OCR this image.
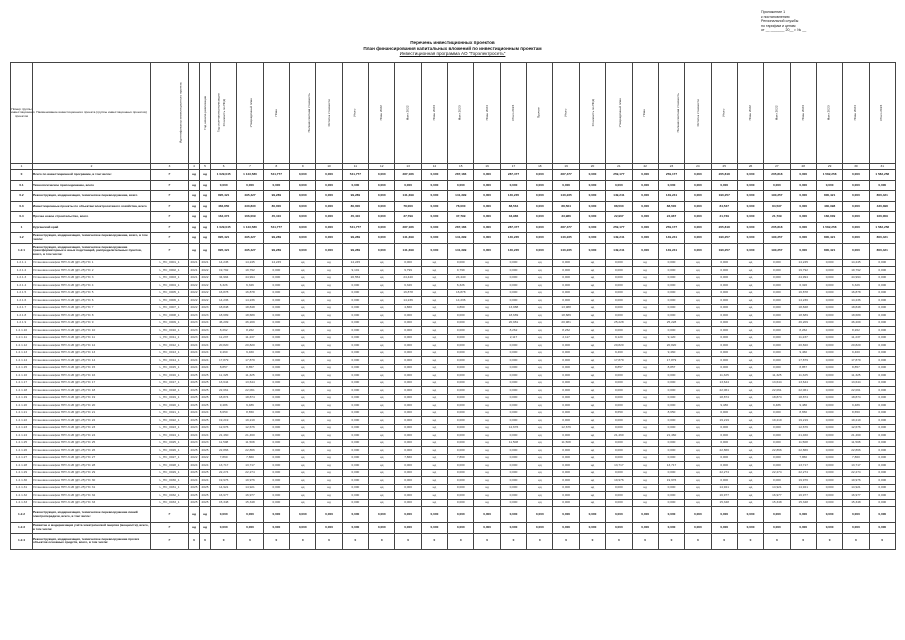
Приложение 1
к постановлению
Региональной службы
по тарифам и ценам
от __ _______ 20__ г. № __
Перечень инвестиционных проектов
План финансирования капитальных вложений по инвестиционным проектам
Инвестиционная программа АО "Горэлектросеть"
Номер группы инвестиционных проектов	Наименование инвестиционного проекта (группы инвестиционных проектов)	Идентификатор инвестиционного проекта	Год начала реализации	Год окончания реализации	Стоимость по ПСД	Утверждённый план	План	Полная сметная стоимость	Остаток стоимости	Итого	План 2022	Факт 2022	План 2023	Факт 2023	План 2024	Итого 2024	Прочие	Итого	Стоимость по ПСД	Утверждённый план	План	Полная сметная стоимость	Остаток стоимости	Итого	План 2022	Факт 2022	План 2023	Факт 2023	План 2024	Итого 2024
1	2	3	4	5	6	7	8	9	10	11	12	13	14	15	16	17	18	19	20	21	22	23	24	25	26	27	28	29	30	31
0	Всего по инвестиционной программе, в том числе:	Г	нд	нд	1 029,045	1 143,580	541,777	0,000	0,000	541,777	0,000	287,186	0,000	287,186	0,000	287,477	0,000	287,477	0,000	259,177	0,000	259,177	0,000	205,818	0,000	205,818	0,000	1 582,258	0,000	1 582,258
0.1	Технологическое присоединение, всего	Г	нд	нд	0,000	0,000	0,000	0,000	0,000	0,000	0,000	0,000	0,000	0,000	0,000	0,000	0,000	0,000	0,000	0,000	0,000	0,000	0,000	0,000	0,000	0,000	0,000	0,000	0,000	0,000
0.2	Реконструкция, модернизация, техническое перевооружение, всего	Г	нд	нд	895,421	495,427	99,289	0,000	0,000	99,289	0,000	141,399	0,000	141,399	0,000	140,235	0,000	140,235	0,000	149,241	0,000	149,241	0,000	190,257	0,000	190,257	0,000	800,421	0,000	800,421
0.3	Инвестиционные проекты по объектам электросетевого хозяйства, всего	Г	нд	нд	466,850	430,830	80,000	0,000	0,000	80,000	0,000	78,000	0,000	78,000	0,000	88,564	0,000	88,564	0,000	88,500	0,000	88,500	0,000	84,537	0,000	84,537	0,000	430,398	0,000	430,398
0.4	Прочее новое строительство, всего	Г	нд	нд	162,374	166,009	45,410	0,000	0,000	45,410	0,000	37,799	0,000	37,799	0,000	33,986	0,000	33,986	0,000	22,967	0,000	22,967	0,000	21,739	0,000	21,739	0,000	166,009	0,000	166,009
1	Курганский край	Г	нд	нд	1 029,045	1 143,580	541,777	0,000	0,000	541,777	0,000	287,186	0,000	287,186	0,000	287,477	0,000	287,477	0,000	259,177	0,000	259,177	0,000	205,818	0,000	205,818	0,000	1 582,258	0,000	1 582,258
1.2	Реконструкция, модернизация, техническое перевооружение, всего, в том числе:	Г	нд	нд	895,421	495,427	99,289	0,000	0,000	99,289	0,000	141,399	0,000	141,399	0,000	140,235	0,000	140,235	0,000	149,241	0,000	149,241	0,000	190,257	0,000	190,257	0,000	800,421	0,000	800,421
1.2.1	Реконструкция, модернизация, техническое перевооружение трансформаторных и иных подстанций, распределительных пунктов, всего, в том числе:	Г	нд	нд	895,421	495,427	99,289	0,000	0,000	99,289	0,000	141,399	0,000	141,399	0,000	140,235	0,000	140,235	0,000	149,241	0,000	149,241	0,000	190,257	0,000	190,257	0,000	800,421	0,000	800,421
1.2.1.1	Установка шкафов ПРУ-6 кВ (ДУ-25) ПС 1	L_ПС_0001_1	2021	2021	14,245	14,245	14,245	нд	нд	14,245	нд	0,000	нд	0,000	нд	0,000	нд	0,000	нд	0,000	нд	0,000	нд	0,000	нд	0,000	14,245	0,000	14,245	0,000
1.2.1.2	Установка шкафов ПРУ-6 кВ (ДУ-25) ПС 2	L_ПС_0002_1	2021	2022	19,792	19,792	0,000	нд	нд	9,101	нд	9,799	нд	9,799	нд	0,000	нд	0,000	нд	0,000	нд	0,000	нд	0,000	нд	0,000	19,792	0,000	19,792	0,000
1.2.1.3	Установка шкафов ПРУ-6 кВ (ДУ-25) ПС 3	L_ПС_0003_1	2021	2022	34,994	44,994	0,000	нд	нд	20,554	нд	24,440	нд	24,440	нд	0,000	нд	0,000	нд	0,000	нд	0,000	нд	0,000	нд	0,000	44,994	0,000	44,994	0,000
1.2.1.4	Установка шкафов ПРУ-6 кВ (ДУ-25) ПС 4	L_ПС_0004_1	2022	2022	6,326	6,326	0,000	нд	нд	0,000	нд	6,326	нд	6,326	нд	0,000	нд	0,000	нд	0,000	нд	0,000	нд	0,000	нд	0,000	6,326	0,000	6,326	0,000
1.2.1.5	Установка шкафов ПРУ-6 кВ (ДУ-25) ПС 5	L_ПС_0005_1	2022	2022	16,878	16,878	0,000	нд	нд	0,000	нд	16,878	нд	16,878	нд	0,000	нд	0,000	нд	0,000	нд	0,000	нд	0,000	нд	0,000	16,878	0,000	16,878	0,000
1.2.1.6	Установка шкафов ПРУ-6 кВ (ДУ-25) ПС 6	L_ПС_0006_1	2022	2022	14,236	14,236	0,000	нд	нд	0,000	нд	14,236	нд	14,236	нд	0,000	нд	0,000	нд	0,000	нд	0,000	нд	0,000	нд	0,000	14,236	0,000	14,236	0,000
1.2.1.7	Установка шкафов ПРУ-6 кВ (ДУ-25) ПС 7	L_ПС_0007_1	2022	2023	18,848	18,848	0,000	нд	нд	0,000	нд	4,860	нд	4,860	нд	13,988	нд	13,988	нд	0,000	нд	0,000	нд	0,000	нд	0,000	18,848	0,000	18,848	0,000
1.2.1.8	Установка шкафов ПРУ-6 кВ (ДУ-25) ПС 8	L_ПС_0008_1	2023	2023	18,689	18,689	0,000	нд	нд	0,000	нд	0,000	нд	0,000	нд	18,689	нд	18,689	нд	0,000	нд	0,000	нд	0,000	нд	0,000	18,689	0,000	18,689	0,000
1.2.1.9	Установка шкафов ПРУ-6 кВ (ДУ-25) ПС 9	L_ПС_0009_1	2023	2024	46,209	46,209	0,000	нд	нд	0,000	нд	0,000	нд	0,000	нд	20,981	нд	20,981	нд	25,228	нд	25,228	нд	0,000	нд	0,000	46,209	0,000	46,209	0,000
1.2.1.10	Установка шкафов ПРУ-6 кВ (ДУ-25) ПС 10	L_ПС_0010_1	2023	2023	8,262	8,262	0,000	нд	нд	0,000	нд	0,000	нд	0,000	нд	8,262	нд	8,262	нд	0,000	нд	0,000	нд	0,000	нд	0,000	8,262	0,000	8,262	0,000
1.2.1.11	Установка шкафов ПРУ-6 кВ (ДУ-25) ПС 11	L_ПС_0011_1	2023	2024	11,237	11,237	0,000	нд	нд	0,000	нд	0,000	нд	0,000	нд	2,117	нд	2,117	нд	9,120	нд	9,120	нд	0,000	нд	0,000	11,237	0,000	11,237	0,000
1.2.1.12	Установка шкафов ПРУ-6 кВ (ДУ-25) ПС 12	L_ПС_0012_1	2024	2024	20,820	20,820	0,000	нд	нд	0,000	нд	0,000	нд	0,000	нд	0,000	нд	0,000	нд	20,820	нд	20,820	нд	0,000	нд	0,000	20,820	0,000	20,820	0,000
1.2.1.13	Установка шкафов ПРУ-6 кВ (ДУ-25) ПС 13	L_ПС_0013_1	2024	2024	9,460	9,460	0,000	нд	нд	0,000	нд	0,000	нд	0,000	нд	0,000	нд	0,000	нд	9,460	нд	9,460	нд	0,000	нд	0,000	9,460	0,000	9,460	0,000
1.2.1.14	Установка шкафов ПРУ-6 кВ (ДУ-25) ПС 14	L_ПС_0014_1	2024	2024	17,879	17,879	0,000	нд	нд	0,000	нд	0,000	нд	0,000	нд	0,000	нд	0,000	нд	17,879	нд	17,879	нд	0,000	нд	0,000	17,879	0,000	17,879	0,000
1.2.1.15	Установка шкафов ПРУ-6 кВ (ДУ-25) ПС 15	L_ПС_0015_1	2024	2024	8,857	8,857	0,000	нд	нд	0,000	нд	0,000	нд	0,000	нд	0,000	нд	0,000	нд	8,857	нд	8,857	нд	0,000	нд	0,000	8,857	0,000	8,857	0,000
1.2.1.16	Установка шкафов ПРУ-6 кВ (ДУ-25) ПС 16	L_ПС_0016_1	2025	2025	11,325	11,325	0,000	нд	нд	0,000	нд	0,000	нд	0,000	нд	0,000	нд	0,000	нд	0,000	нд	0,000	нд	11,325	нд	11,325	11,325	0,000	11,325	0,000
1.2.1.17	Установка шкафов ПРУ-6 кВ (ДУ-25) ПС 17	L_ПС_0017_1	2025	2025	13,644	13,644	0,000	нд	нд	0,000	нд	0,000	нд	0,000	нд	0,000	нд	0,000	нд	0,000	нд	0,000	нд	13,644	нд	13,644	13,644	0,000	13,644	0,000
1.2.1.18	Установка шкафов ПРУ-6 кВ (ДУ-25) ПС 18	L_ПС_0018_1	2025	2025	22,061	22,061	0,000	нд	нд	0,000	нд	0,000	нд	0,000	нд	0,000	нд	0,000	нд	0,000	нд	0,000	нд	22,061	нд	22,061	22,061	0,000	22,061	0,000
1.2.1.19	Установка шкафов ПРУ-6 кВ (ДУ-25) ПС 19	L_ПС_0019_1	2025	2025	18,874	18,874	0,000	нд	нд	0,000	нд	0,000	нд	0,000	нд	0,000	нд	0,000	нд	0,000	нд	0,000	нд	18,874	нд	18,874	18,874	0,000	18,874	0,000
1.2.1.20	Установка шкафов ПРУ-6 кВ (ДУ-25) ПС 20	L_ПС_0020_1	2025	2025	9,486	9,486	0,000	нд	нд	0,000	нд	0,000	нд	0,000	нд	0,000	нд	0,000	нд	0,000	нд	0,000	нд	9,486	нд	9,486	9,486	0,000	9,486	0,000
1.2.1.21	Установка шкафов ПРУ-6 кВ (ДУ-25) ПС 21	L_ПС_0021_1	2024	2024	8,650	8,650	0,000	нд	нд	0,000	нд	0,000	нд	0,000	нд	0,000	нд	0,000	нд	8,650	нд	8,650	нд	0,000	нд	0,000	8,650	0,000	8,650	0,000
1.2.1.22	Установка шкафов ПРУ-6 кВ (ДУ-25) ПС 22	L_ПС_0022_1	2025	2025	19,219	19,219	0,000	нд	нд	0,000	нд	0,000	нд	0,000	нд	0,000	нд	0,000	нд	0,000	нд	0,000	нд	19,219	нд	19,219	19,219	0,000	19,219	0,000
1.2.1.23	Установка шкафов ПРУ-6 кВ (ДУ-25) ПС 23	L_ПС_0023_1	2023	2023	12,676	12,676	0,000	нд	нд	0,000	нд	0,000	нд	0,000	нд	12,676	нд	12,676	нд	0,000	нд	0,000	нд	0,000	нд	0,000	12,676	0,000	12,676	0,000
1.2.1.24	Установка шкафов ПРУ-6 кВ (ДУ-25) ПС 24	L_ПС_0024_1	2024	2024	21,460	21,460	0,000	нд	нд	0,000	нд	0,000	нд	0,000	нд	0,000	нд	0,000	нд	21,460	нд	21,460	нд	0,000	нд	0,000	21,460	0,000	21,460	0,000
1.2.1.25	Установка шкафов ПРУ-6 кВ (ДУ-25) ПС 25	L_ПС_0025_1	2023	2023	11,508	11,508	0,000	нд	нд	0,000	нд	0,000	нд	0,000	нд	11,508	нд	11,508	нд	0,000	нд	0,000	нд	0,000	нд	0,000	11,508	0,000	11,508	0,000
1.2.1.26	Установка шкафов ПРУ-6 кВ (ДУ-25) ПС 26	L_ПС_0026_1	2025	2025	22,866	22,866	0,000	нд	нд	0,000	нд	0,000	нд	0,000	нд	0,000	нд	0,000	нд	0,000	нд	0,000	нд	22,866	нд	22,866	22,866	0,000	22,866	0,000
1.2.1.27	Установка шкафов ПРУ-6 кВ (ДУ-25) ПС 27	L_ПС_0027_1	2022	2022	7,860	7,860	0,000	нд	нд	0,000	нд	7,860	нд	7,860	нд	0,000	нд	0,000	нд	0,000	нд	0,000	нд	0,000	нд	0,000	7,860	0,000	7,860	0,000
1.2.1.28	Установка шкафов ПРУ-6 кВ (ДУ-25) ПС 28	L_ПС_0028_1	2024	2024	13,717	13,717	0,000	нд	нд	0,000	нд	0,000	нд	0,000	нд	0,000	нд	0,000	нд	13,717	нд	13,717	нд	0,000	нд	0,000	13,717	0,000	13,717	0,000
1.2.1.29	Установка шкафов ПРУ-6 кВ (ДУ-25) ПС 29	L_ПС_0029_1	2025	2025	22,274	22,274	0,000	нд	нд	0,000	нд	0,000	нд	0,000	нд	0,000	нд	0,000	нд	0,000	нд	0,000	нд	22,274	нд	22,274	22,274	0,000	22,274	0,000
1.2.1.30	Установка шкафов ПРУ-6 кВ (ДУ-25) ПС 30	L_ПС_0030_1	2024	2024	19,976	19,976	0,000	нд	нд	0,000	нд	0,000	нд	0,000	нд	0,000	нд	0,000	нд	19,976	нд	19,976	нд	0,000	нд	0,000	19,976	0,000	19,976	0,000
1.2.1.31	Установка шкафов ПРУ-6 кВ (ДУ-25) ПС 31	L_ПС_0031_1	2025	2025	14,921	14,921	0,000	нд	нд	0,000	нд	0,000	нд	0,000	нд	0,000	нд	0,000	нд	0,000	нд	0,000	нд	14,921	нд	14,921	14,921	0,000	14,921	0,000
1.2.1.32	Установка шкафов ПРУ-6 кВ (ДУ-25) ПС 32	L_ПС_0032_1	2025	2025	16,977	16,977	0,000	нд	нд	0,000	нд	0,000	нд	0,000	нд	0,000	нд	0,000	нд	0,000	нд	0,000	нд	16,977	нд	16,977	16,977	0,000	16,977	0,000
1.2.1.33	Установка шкафов ПРУ-6 кВ (ДУ-25) ПС 33	L_ПС_0033_1	2025	2025	15,348	15,348	0,000	нд	нд	0,000	нд	0,000	нд	0,000	нд	0,000	нд	0,000	нд	0,000	нд	0,000	нд	15,348	нд	15,348	15,348	0,000	15,348	0,000
1.2.2	Реконструкция, модернизация, техническое перевооружение линий электропередачи, всего, в том числе:	Г	нд	нд	0,000	0,000	0,000	0,000	0,000	0,000	0,000	0,000	0,000	0,000	0,000	0,000	0,000	0,000	0,000	0,000	0,000	0,000	0,000	0,000	0,000	0,000	0,000	0,000	0,000	0,000
1.2.3	Развитие и модернизация учёта электрической энергии (мощности), всего, в том числе:	Г	нд	нд	0,000	0,000	0,000	0,000	0,000	0,000	0,000	0,000	0,000	0,000	0,000	0,000	0,000	0,000	0,000	0,000	0,000	0,000	0,000	0,000	0,000	0,000	0,000	0,000	0,000	0,000
1.2.4	Реконструкция, модернизация, техническое перевооружение прочих объектов основных средств, всего, в том числе:	Г	0	0	0	0	0	0	0	0	0	0	0	0	0	0	0	0	0	0	0	0	0	0	0	0	0	0	0	0
